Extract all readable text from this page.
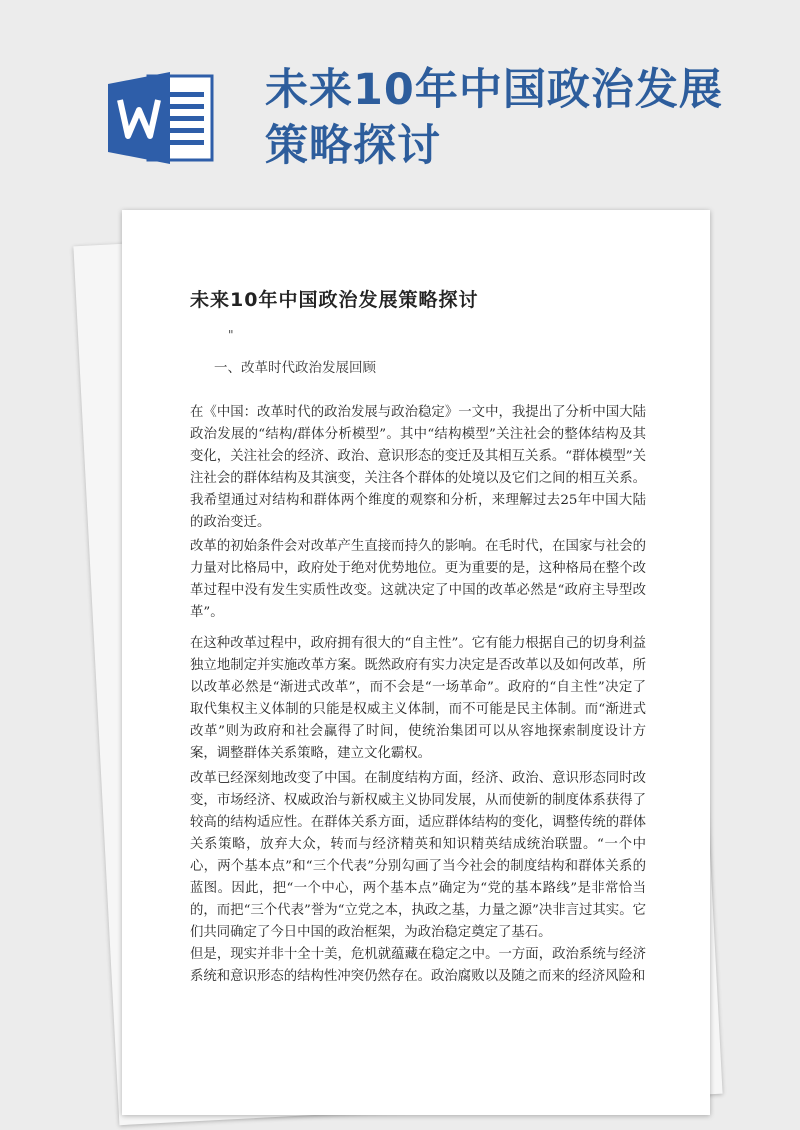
未来10年中国政治发展策略探讨
未来10年中国政治发展策略探讨
"
一、改革时代政治发展回顾

在《中国：改革时代的政治发展与政治稳定》一文中，我提出了分析中国大陆政治发展的“结构/群体分析模型”。其中“结构模型”关注社会的整体结构及其变化，关注社会的经济、政治、意识形态的变迁及其相互关系。“群体模型”关注社会的群体结构及其演变，关注各个群体的处境以及它们之间的相互关系。我希望通过对结构和群体两个维度的观察和分析，来理解过去25年中国大陆的政治变迁。

改革的初始条件会对改革产生直接而持久的影响。在毛时代，在国家与社会的力量对比格局中，政府处于绝对优势地位。更为重要的是，这种格局在整个改革过程中没有发生实质性改变。这就决定了中国的改革必然是“政府主导型改革”。

在这种改革过程中，政府拥有很大的“自主性”。它有能力根据自己的切身利益独立地制定并实施改革方案。既然政府有实力决定是否改革以及如何改革，所以改革必然是“渐进式改革”，而不会是“一场革命”。政府的“自主性”决定了取代集权主义体制的只能是权威主义体制，而不可能是民主体制。而“渐进式改革”则为政府和社会赢得了时间，使统治集团可以从容地探索制度设计方案，调整群体关系策略，建立文化霸权。

改革已经深刻地改变了中国。在制度结构方面，经济、政治、意识形态同时改变，市场经济、权威政治与新权威主义协同发展，从而使新的制度体系获得了较高的结构适应性。在群体关系方面，适应群体结构的变化，调整传统的群体关系策略，放弃大众，转而与经济精英和知识精英结成统治联盟。“一个中心，两个基本点”和“三个代表”分别勾画了当今社会的制度结构和群体关系的蓝图。因此，把“一个中心，两个基本点”确定为“党的基本路线”是非常恰当的，而把“三个代表”誉为“立党之本，执政之基，力量之源”决非言过其实。它们共同确定了今日中国的政治框架，为政治稳定奠定了基石。

但是，现实并非十全十美，危机就蕴藏在稳定之中。一方面，政治系统与经济系统和意识形态的结构性冲突仍然存在。政治腐败以及随之而来的经济风险和
